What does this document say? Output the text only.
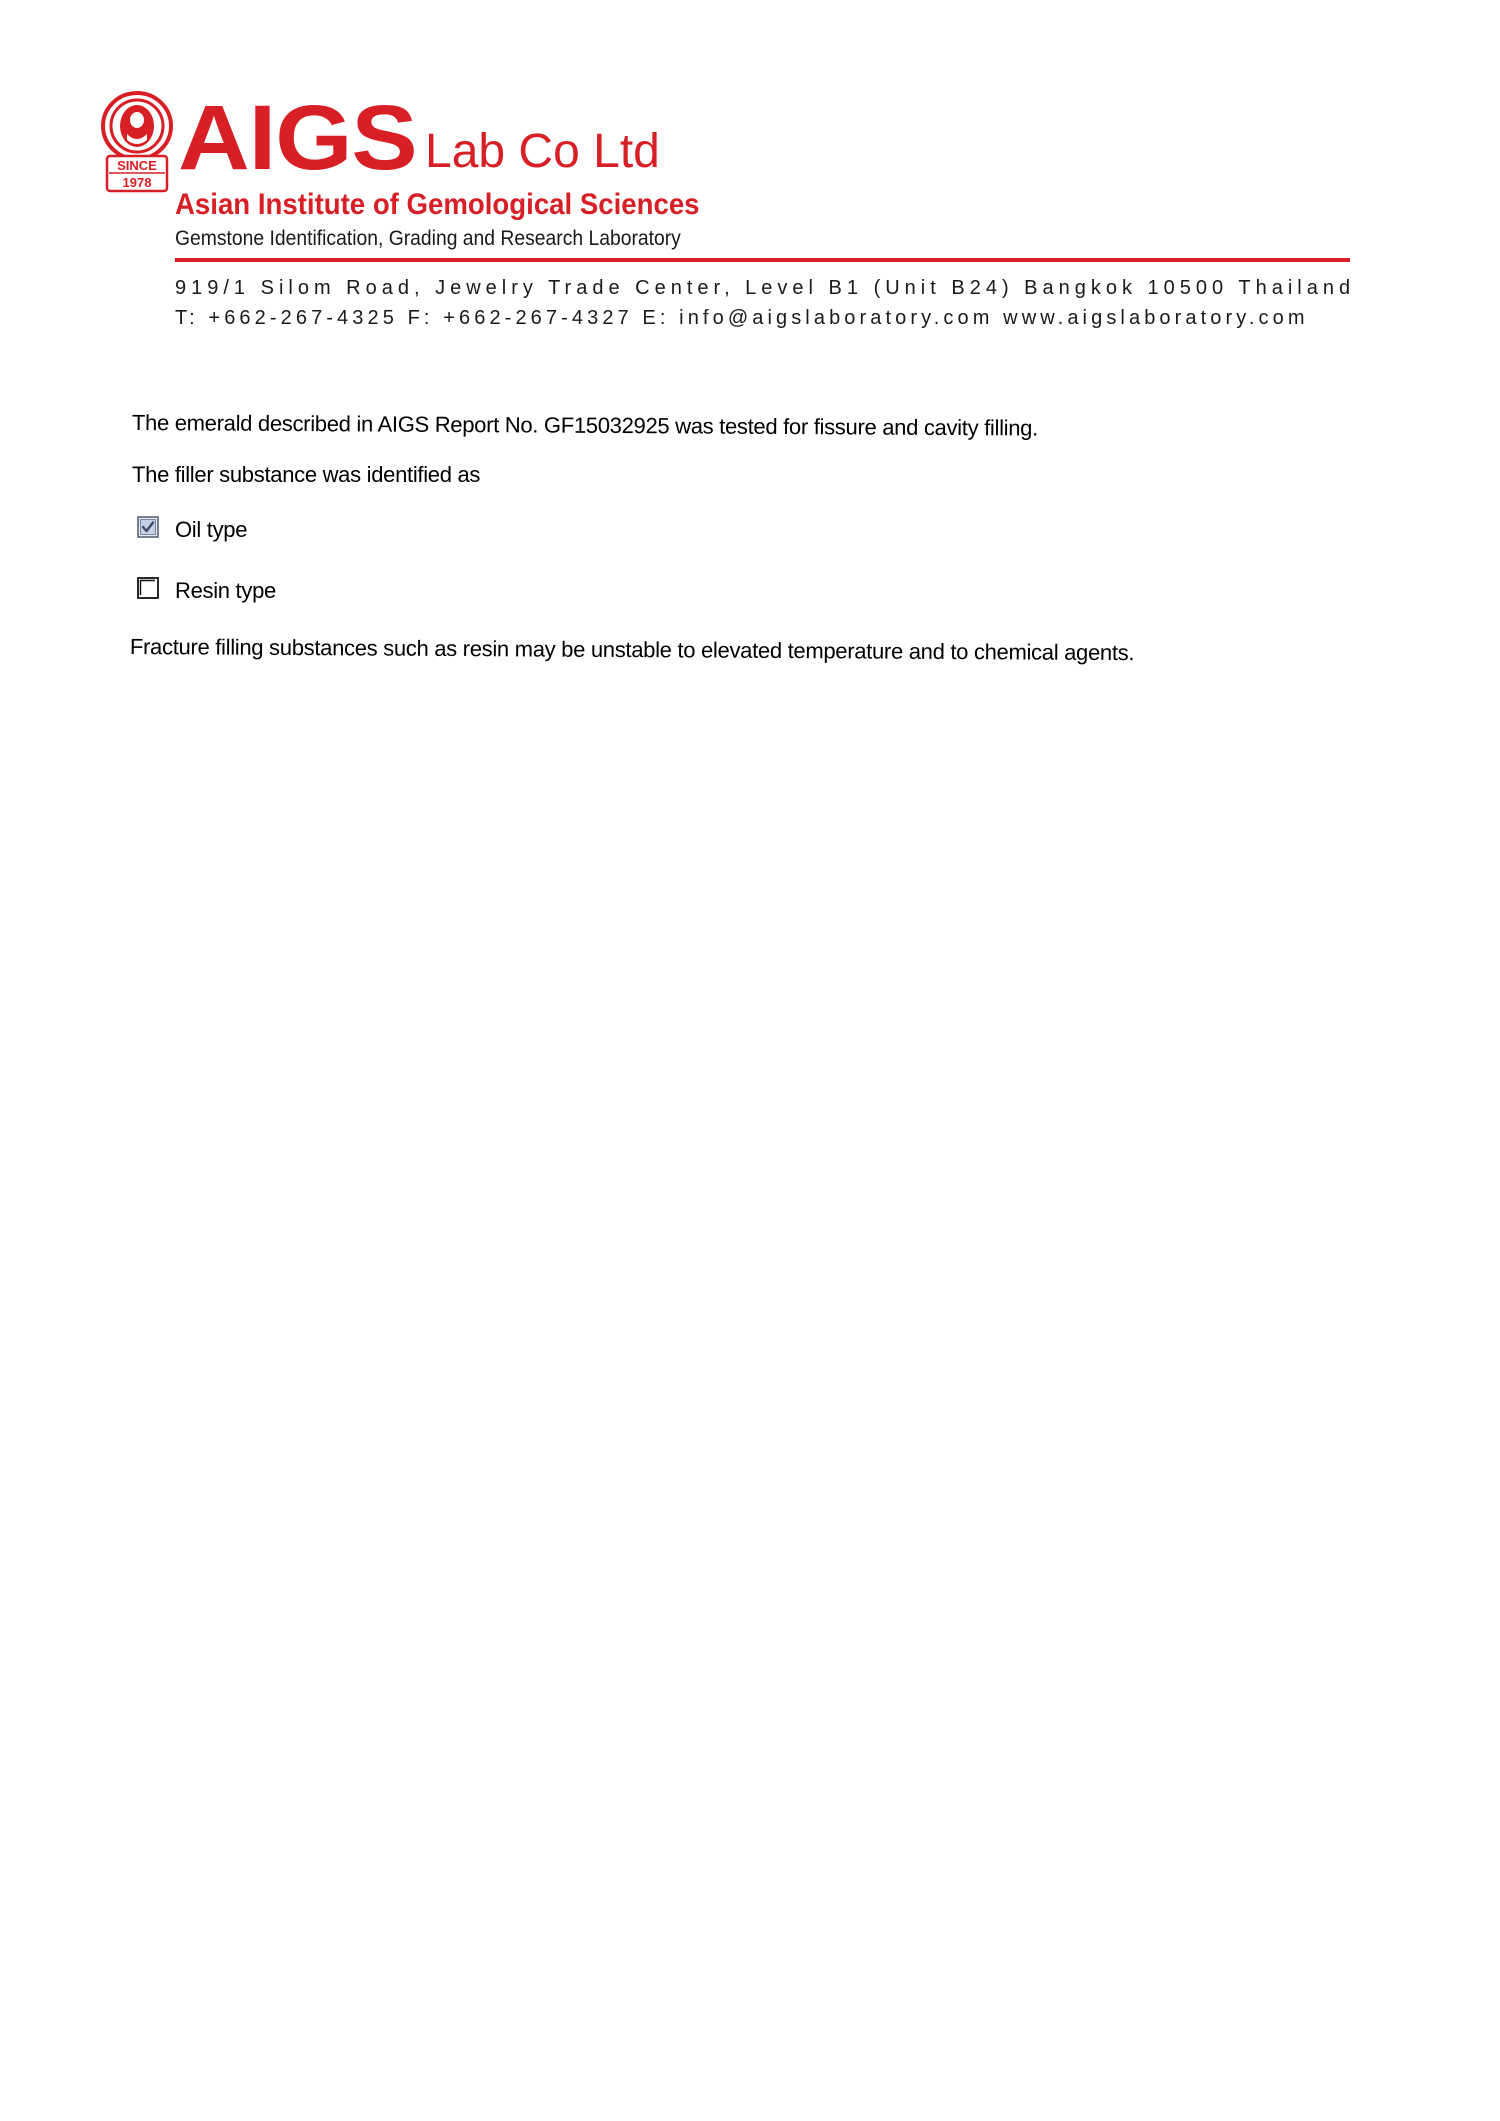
SINCE
1978 AIGS Lab Co Ltd
Asian Institute of Gemological Sciences
Gemstone Identification, Grading and Research Laboratory
919/1 Silom Road, Jewelry Trade Center, Level B1 (Unit B24) Bangkok 10500 Thailand
T: +662-267-4325 F: +662-267-4327 E: info@aigslaboratory.com www.aigslaboratory.com
The emerald described in AIGS Report No. GF15032925 was tested for fissure and cavity filling.
The filler substance was identified as
Oil type
Resin type
Fracture filling substances such as resin may be unstable to elevated temperature and to chemical agents.
